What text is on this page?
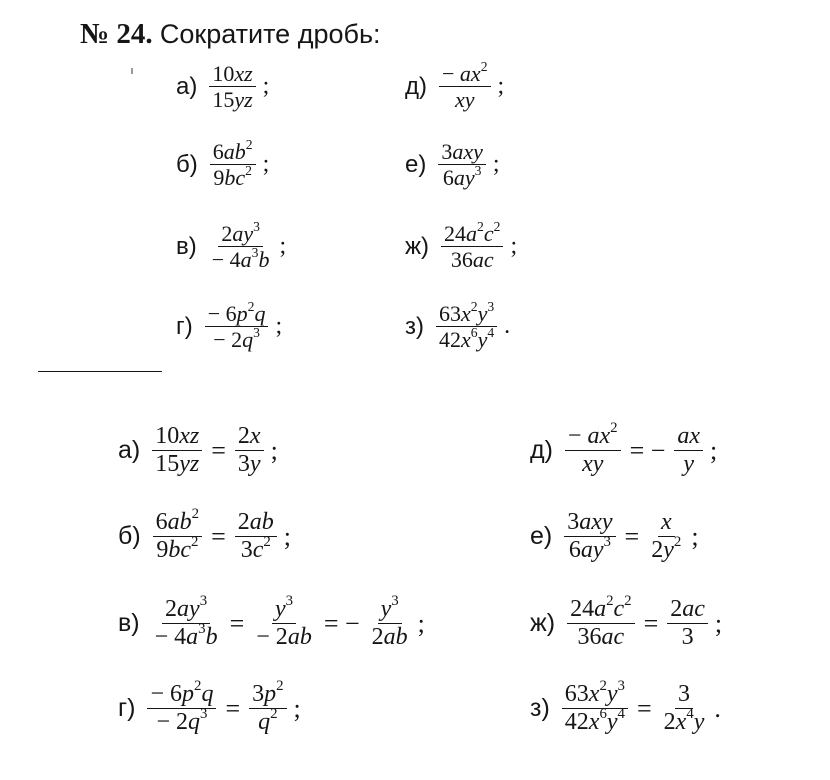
№ 24. Сократите дробь:
$а) \frac{10xz}{15yz}$ ;
$б) \frac{6ab^2}{9bc^2}$ ;
$в) \frac{2ay^3}{- 4a^3b}$ ;
$г) \frac{- 6p^2q}{- 2q^3}$ ;
$д) \frac{- ax^2}{xy}$ ;
$е) \frac{\text{3axy}}{6ay^3}$ ;
$ж) \frac{24a^2c^2}{36ac}$ ;
$з) \frac{63x^2y^3}{42x^6y^4}$ .
$а) \frac{10xz}{15yz} = \frac{2x}{3y}$ ;
$б) \frac{6ab^2}{9bc^2} = \frac{2ab}{3c^2}$ ;
$в) \frac{2ay^3}{- 4a^3b} = \frac{y^3}{- 2ab}$ = − $\frac{y^3}{2ab}$ ;
$г) \frac{- 6p^2q}{- 2q^3} = \frac{3p^2}{q^2}$ ;
$д) \frac{- ax^2}{xy}$ = − $\frac{ax}{y}$ ;
$е) \frac{\text{3axy}}{6ay^3} = \frac{x}{2y^2}$ ;
$ж) \frac{24a^2c^2}{36ac} = \frac{2ac}{3}$ ;
$з) \frac{63x^2y^3}{42x^6y^4} = \frac{3}{2x^4y}$ .
